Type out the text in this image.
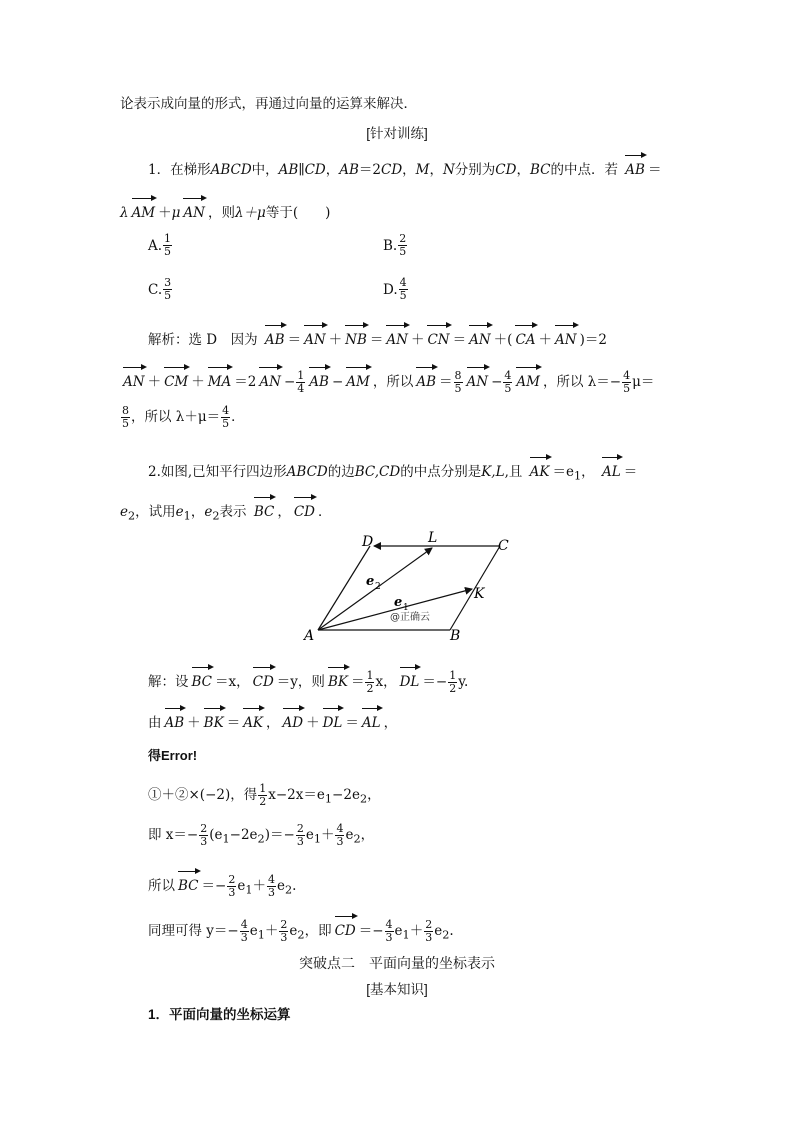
论表示成向量的形式，再通过向量的运算来解决．
[针对训练]
1．在梯形ABCD中，AB∥CD，AB＝2CD，M，N分别为CD，BC的中点．若 AB ＝
λ AM ＋μ AN ，则λ＋μ等于(　　)
A. $\frac{1}{5}$	B. $\frac{2}{5}$
C. $\frac{3}{5}$	D. $\frac{4}{5}$
解析：选 D　因为 AB ＝ AN ＋ NB ＝ AN ＋ CN ＝ AN ＋( CA ＋ AN )＝2
AN ＋ CM ＋ MA ＝2 AN − $\frac{1}{4}$ AB − AM ，所以 AB ＝ $\frac{8}{5}$ AN − $\frac{4}{5}$ AM ，所以 $\lambda=- \frac{4}{5} \mu=$
$\frac{8}{5}$ ，所以 $\lambda+\mu= \frac{4}{5}$ ．
2.如图,已知平行四边形ABCD的边BC,CD的中点分别是K,L,且 AK $=e_1$， AL ＝
$e_2$，试用$e_1$，$e_2$表示 BC ， CD ．
A	B
C
D
K
L
e 2
e 1
@正确云
解：设 BC ＝x， CD ＝y，则 BK ＝ $\frac{1}{2}$ x， DL ＝− $\frac{1}{2} y$.
由 AB ＋ BK ＝ AK ， AD ＋ DL ＝ AL ，
得Error!
①＋②×(−2)，得 $\frac{1}{2} x-2x=e_1-2e_2$，
即 $x=- \frac{2}{3} (e_1-2e_2)=- \frac{2}{3} e_1+ \frac{4}{3} e_2$，
所以 BC ＝− $\frac{2}{3} e_1+ \frac{4}{3} e_2$.
同理可得 $y=- \frac{4}{3} e_1+ \frac{2}{3} e_2$，即 CD ＝− $\frac{4}{3} e_1+ \frac{2}{3} e_2$.
突破点二　平面向量的坐标表示
[基本知识]
1．平面向量的坐标运算
